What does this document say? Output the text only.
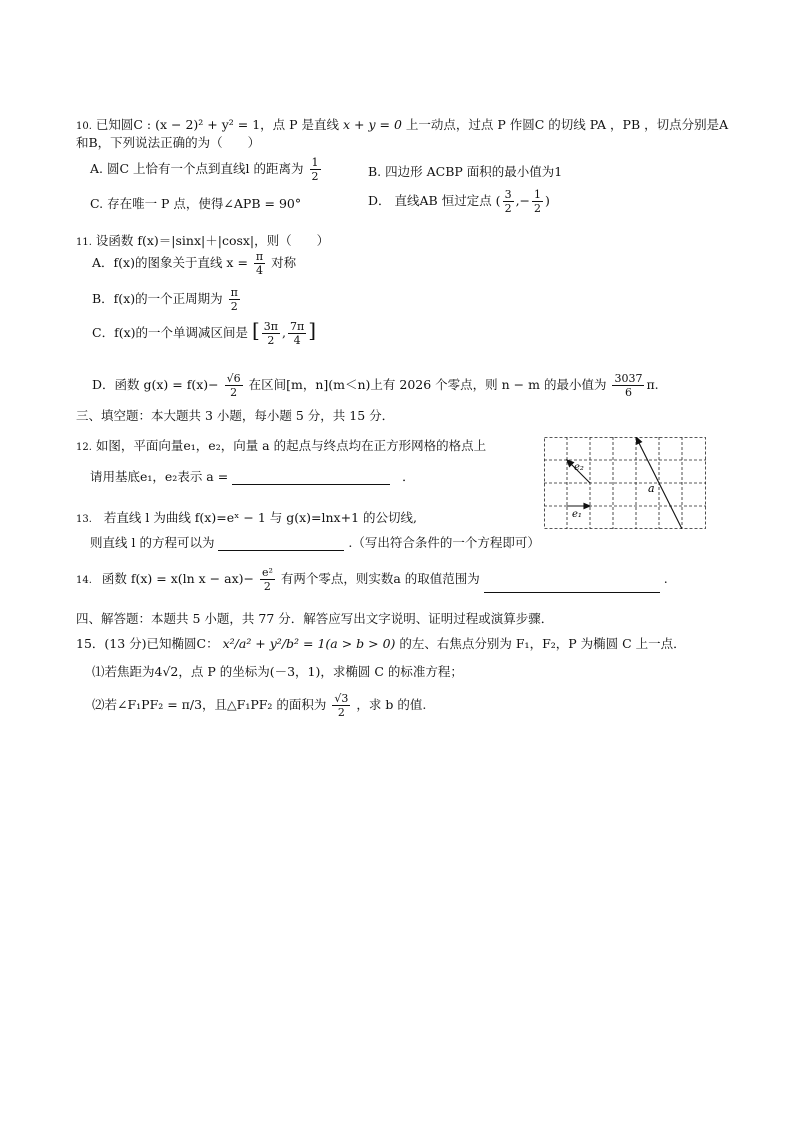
10. 已知圆C : (x − 2)² + y² = 1，点 P 是直线 x + y = 0 上一动点，过点 P 作圆C 的切线 PA ，PB ，切点分别是A
和B，下列说法正确的为（　　）
A. 圆C 上恰有一个点到直线l 的距离为 $\frac{1}{2}$	B. 四边形 ACBP 面积的最小值为1
C. 存在唯一 P 点，使得∠APB = 90°	D． 直线AB 恒过定点 ( $\frac{3}{2}$ ,− $\frac{1}{2}$ )
11. 设函数 f(x)＝|sinx|＋|cosx|，则（　　）
A．f(x)的图象关于直线 $x = \frac{\pi}{4}$ 对称
B．f(x)的一个正周期为 $\frac{\pi}{2}$
C．f(x)的一个单调减区间是 [ $\frac{3\pi}{2}$ , $\frac{7\pi}{4}$ ]
D．函数 $g(x) = f(x)- \frac{√6}{2}$ 在区间[m，n](m＜n)上有 2026 个零点，则 n − m 的最小值为 $\frac{3037}{6} \pi$.
三、填空题：本大题共 3 小题，每小题 5 分，共 15 分．
12. 如图，平面向量e₁，e₂，向量 a 的起点与终点均在正方形网格的格点上
请用基底e₁，e₂表示 a =	．
e₁
e₂
a
13. 若直线 l 为曲线 f(x)=eˣ − 1 与 g(x)=lnx+1 的公切线,
则直线 l 的方程可以为	.（写出符合条件的一个方程即可）
14. 函数 f(x) = x(ln $x - ax)- \frac{\text{e²}}{2}$ 有两个零点，则实数a 的取值范围为	.
四、解答题：本题共 5 小题，共 77 分．解答应写出文字说明、证明过程或演算步骤．
15．(13 分)已知椭圆C： x²/a² + y²/b² = 1(a > b > 0) 的左、右焦点分别为 F₁，F₂，P 为椭圆 C 上一点．
⑴若焦距为4√2，点 P 的坐标为(－3，1)，求椭圆 C 的标准方程；
⑵若∠F₁PF₂ = π/3，且△F₁PF₂ 的面积为 $\frac{√3}{2}$ ，求 b 的值.
